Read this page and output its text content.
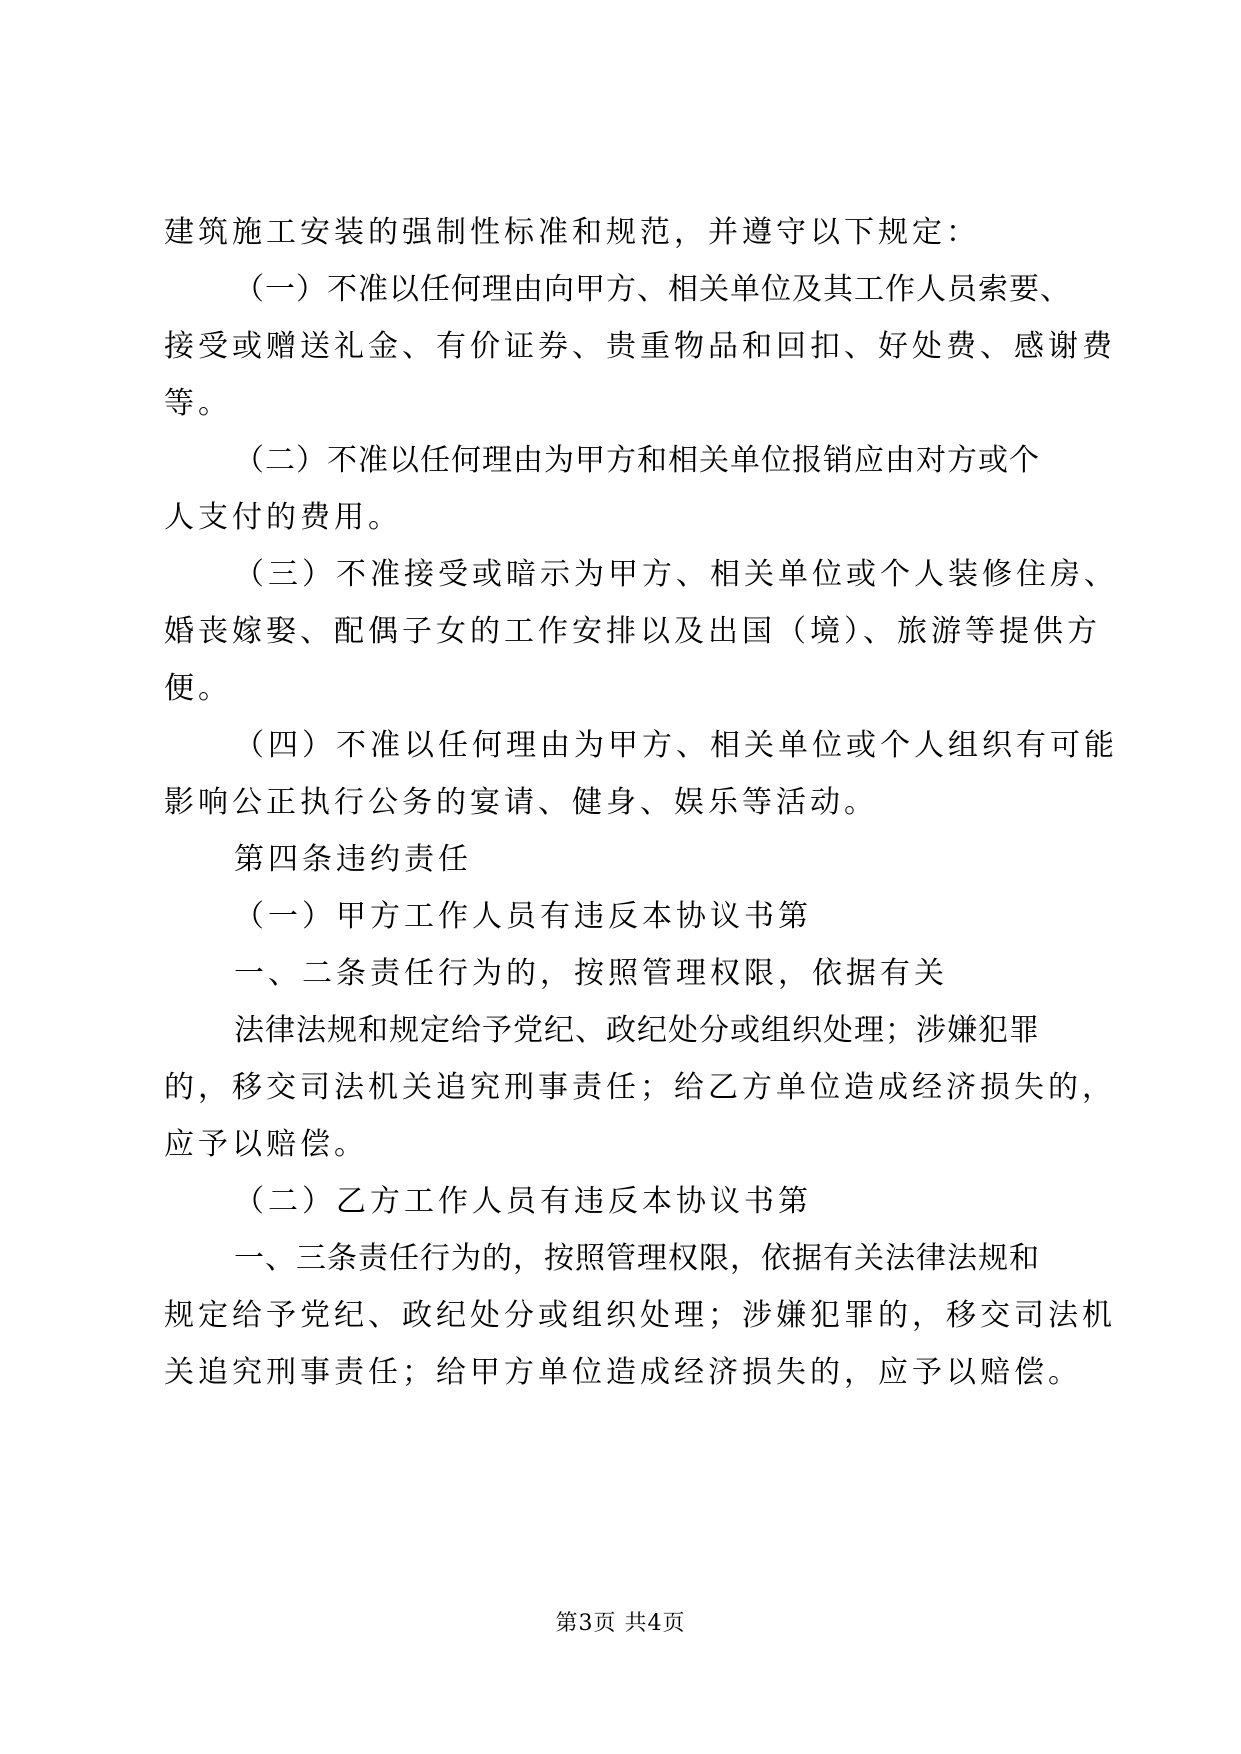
建筑施工安装的强制性标准和规范，并遵守以下规定：
（一）不准以任何理由向甲方、相关单位及其工作人员索要、
接受或赠送礼金、有价证券、贵重物品和回扣、好处费、感谢费
等。
（二）不准以任何理由为甲方和相关单位报销应由对方或个
人支付的费用。
（三）不准接受或暗示为甲方、相关单位或个人装修住房、
婚丧嫁娶、配偶子女的工作安排以及出国（境）、旅游等提供方
便。
（四）不准以任何理由为甲方、相关单位或个人组织有可能
影响公正执行公务的宴请、健身、娱乐等活动。
第四条违约责任
（一）甲方工作人员有违反本协议书第
一、二条责任行为的，按照管理权限，依据有关
法律法规和规定给予党纪、政纪处分或组织处理；涉嫌犯罪
的，移交司法机关追究刑事责任；给乙方单位造成经济损失的，
应予以赔偿。
（二）乙方工作人员有违反本协议书第
一、三条责任行为的，按照管理权限，依据有关法律法规和
规定给予党纪、政纪处分或组织处理；涉嫌犯罪的，移交司法机
关追究刑事责任；给甲方单位造成经济损失的，应予以赔偿。
第3页 共4页
